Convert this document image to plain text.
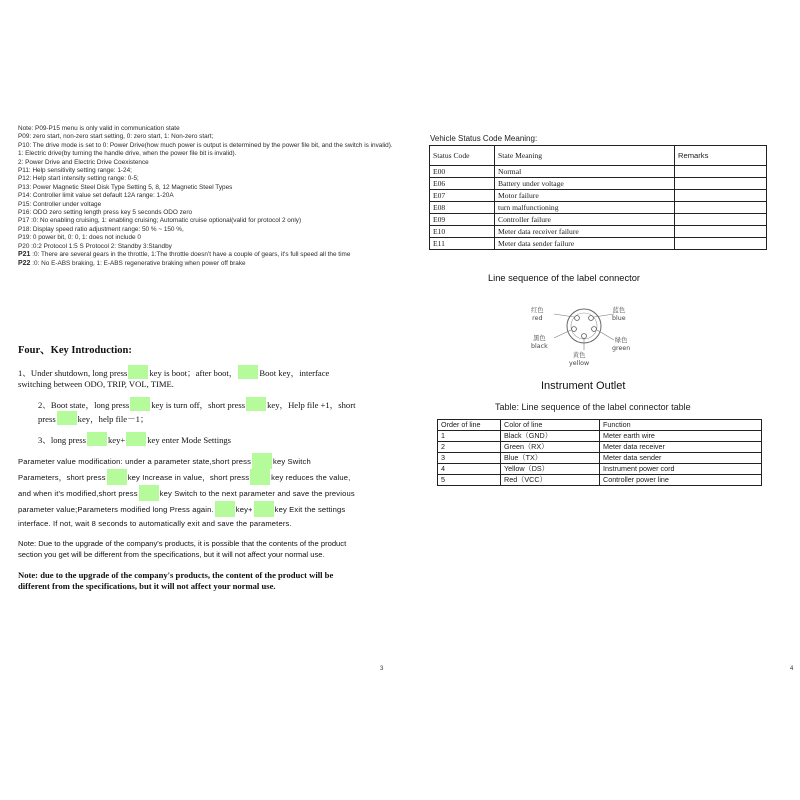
Note: P09-P15 menu is only valid in communication state
P09: zero start, non-zero start setting, 0: zero start, 1: Non-zero start;
P10: The drive mode is set to 0: Power Drive(how much power is output is determined by the power file bit, and the switch is invalid).
1: Electric drive(by turning the handle drive, when the power file bit is invalid).
2: Power Drive and Electric Drive Coexistence
P11: Help sensitivity setting range: 1-24;
P12: Help start intensity setting range: 0-5;
P13: Power Magnetic Steel Disk Type Setting 5, 8, 12 Magnetic Steel Types
P14: Controller limit value set default 12A range: 1-20A
P15: Controller under voltage
P16: ODO zero setting length press key 5 seconds ODO zero
P17 :0: No enabling cruising, 1: enabling cruising; Automatic cruise optional(valid for protocol 2 only)
P18: Display speed ratio adjustment range: 50 % ~ 150 %,
P19: 0 power bit, 0: 0, 1: does not include 0
P20 :0:2 Protocol 1:5 S Protocol 2: Standby 3:Standby
P21 :0: There are several gears in the throttle, 1:The throttle doesn't have a couple of gears, it's full speed all the time
P22 :0: No E-ABS braking, 1: E-ABS regenerative braking when power off brake
Four、Key Introduction:
1、Under shutdown, long press	key is boot；after boot，	Boot key，interface switching between ODO, TRIP, VOL, TIME.
2、Boot state，long press	key is turn off，short press	key，Help file +1，short press	key，help file－1；
3、long press	key+	key enter Mode Settings
Parameter value modification: under a parameter state,short press	key Switch Parameters，short press	key Increase in value，short press	key reduces the value, and when it's modified,short press	key Switch to the next parameter and save the previous parameter value;Parameters modified long Press again.	key+	key Exit the settings interface. If not, wait 8 seconds to automatically exit and save the parameters.
Note: Due to the upgrade of the company's products, it is possible that the contents of the product section you get will be different from the specifications, but it will not affect your normal use.
Note: due to the upgrade of the company's products, the content of the product will be different from the specifications, but it will not affect your normal use.
3
Vehicle Status Code Meaning:
Status Code	State Meaning	Remarks
E00	Normal	
E06	Battery under voltage	
E07	Motor failure	
E08	turn malfunctioning	
E09	Controller failure	
E10	Meter data receiver failure	
E11	Meter data sender failure	
Line sequence of the label connector
红色
red
蓝色
blue
黑色
black
绿色
green
黄色
yellow
Instrument Outlet
Table: Line sequence of the label connector table
Order of line	Color of line	Function
1	Black（GND）	Meter earth wire
2	Green（RX）	Meter data receiver
3	Blue（TX）	Meter data sender
4	Yellow（DS）	Instrument power cord
5	Red（VCC）	Controller power line
4
